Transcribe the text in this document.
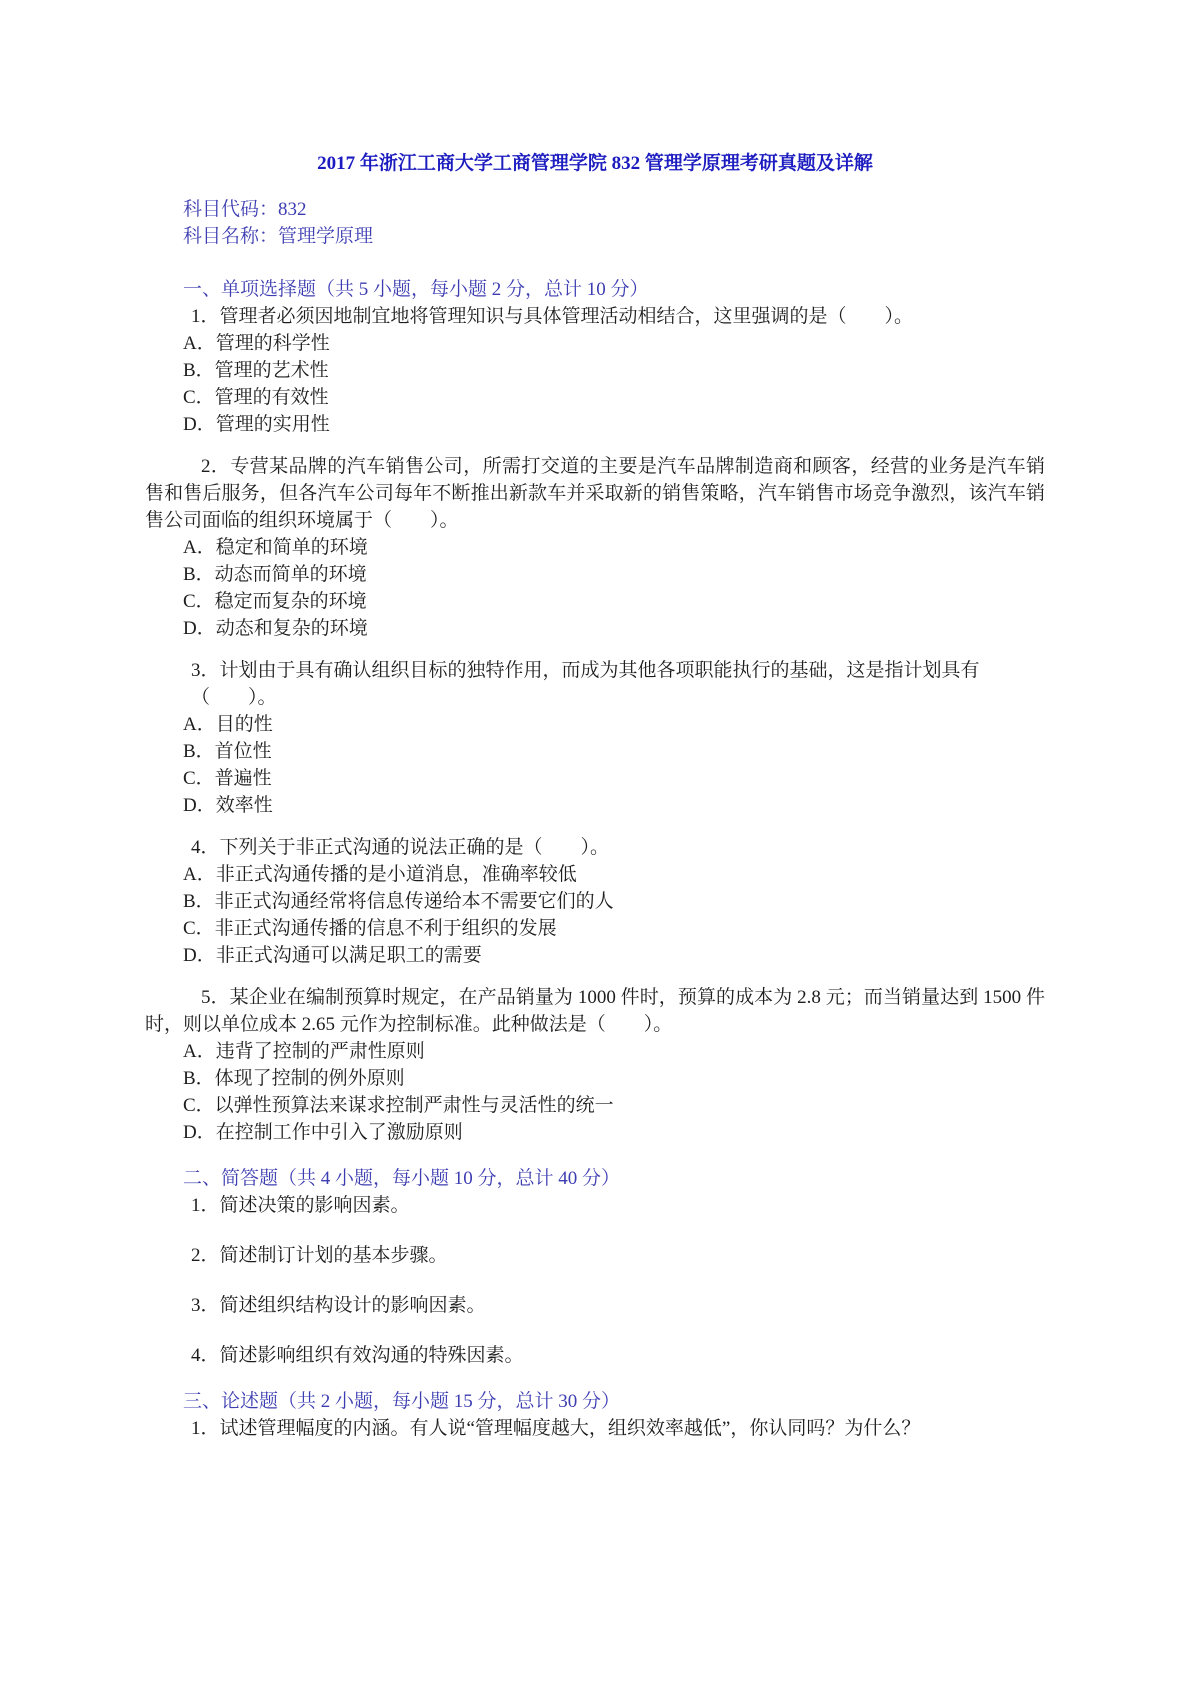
2017 年浙江工商大学工商管理学院 832 管理学原理考研真题及详解
科目代码：832
科目名称：管理学原理
一、单项选择题（共 5 小题，每小题 2 分，总计 10 分）
1．管理者必须因地制宜地将管理知识与具体管理活动相结合，这里强调的是（　　）。
A．管理的科学性
B．管理的艺术性
C．管理的有效性
D．管理的实用性
2．专营某品牌的汽车销售公司，所需打交道的主要是汽车品牌制造商和顾客，经营的业务是汽车销售和售后服务，但各汽车公司每年不断推出新款车并采取新的销售策略，汽车销售市场竞争激烈，该汽车销售公司面临的组织环境属于（　　）。
A．稳定和简单的环境
B．动态而简单的环境
C．稳定而复杂的环境
D．动态和复杂的环境
3．计划由于具有确认组织目标的独特作用，而成为其他各项职能执行的基础，这是指计划具有（　　）。
A．目的性
B．首位性
C．普遍性
D．效率性
4．下列关于非正式沟通的说法正确的是（　　）。
A．非正式沟通传播的是小道消息，准确率较低
B．非正式沟通经常将信息传递给本不需要它们的人
C．非正式沟通传播的信息不利于组织的发展
D．非正式沟通可以满足职工的需要
5．某企业在编制预算时规定，在产品销量为 1000 件时，预算的成本为 2.8 元；而当销量达到 1500 件时，则以单位成本 2.65 元作为控制标准。此种做法是（　　）。
A．违背了控制的严肃性原则
B．体现了控制的例外原则
C．以弹性预算法来谋求控制严肃性与灵活性的统一
D．在控制工作中引入了激励原则
二、简答题（共 4 小题，每小题 10 分，总计 40 分）
1．简述决策的影响因素。
2．简述制订计划的基本步骤。
3．简述组织结构设计的影响因素。
4．简述影响组织有效沟通的特殊因素。
三、论述题（共 2 小题，每小题 15 分，总计 30 分）
1．试述管理幅度的内涵。有人说“管理幅度越大，组织效率越低”，你认同吗？为什么？
